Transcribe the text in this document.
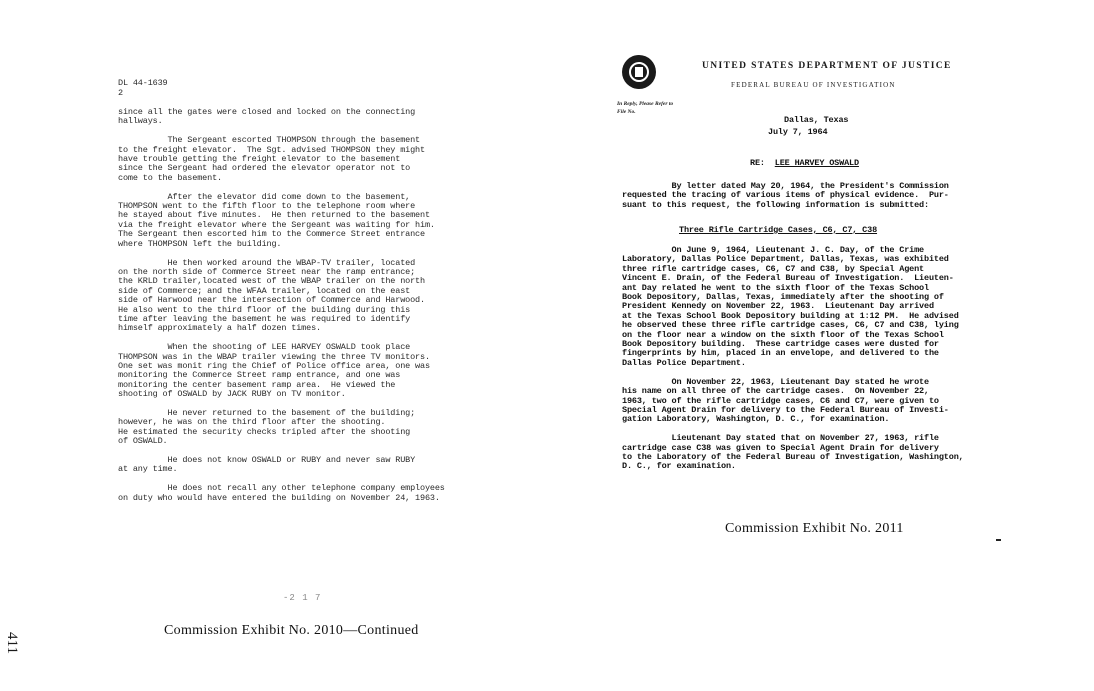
DL 44-1639
2
since all the gates were closed and locked on the connecting
hallways.

The Sergeant escorted THOMPSON through the basement
to the freight elevator.  The Sgt. advised THOMPSON they might
have trouble getting the freight elevator to the basement
since the Sergeant had ordered the elevator operator not to
come to the basement.

After the elevator did come down to the basement,
THOMPSON went to the fifth floor to the telephone room where
he stayed about five minutes.  He then returned to the basement
via the freight elevator where the Sergeant was waiting for him.
The Sergeant then escorted him to the Commerce Street entrance
where THOMPSON left the building.

He then worked around the WBAP-TV trailer, located
on the north side of Commerce Street near the ramp entrance;
the KRLD trailer,located west of the WBAP trailer on the north
side of Commerce; and the WFAA trailer, located on the east
side of Harwood near the intersection of Commerce and Harwood.
He also went to the third floor of the building during this
time after leaving the basement he was required to identify
himself approximately a half dozen times.

When the shooting of LEE HARVEY OSWALD took place
THOMPSON was in the WBAP trailer viewing the three TV monitors.
One set was monit ring the Chief of Police office area, one was
monitoring the Commerce Street ramp entrance, and one was
monitoring the center basement ramp area.  He viewed the
shooting of OSWALD by JACK RUBY on TV monitor.

He never returned to the basement of the building;
however, he was on the third floor after the shooting.
He estimated the security checks tripled after the shooting
of OSWALD.

He does not know OSWALD or RUBY and never saw RUBY
at any time.

He does not recall any other telephone company employees
on duty who would have entered the building on November 24, 1963.
-2 1 7
Commission Exhibit No. 2010—Continued
411
UNITED STATES DEPARTMENT OF JUSTICE
FEDERAL BUREAU OF INVESTIGATION
In Reply, Please Refer to
File No.
Dallas, Texas
July 7, 1964
RE: LEE HARVEY OSWALD
By letter dated May 20, 1964, the President's Commission
requested the tracing of various items of physical evidence.  Pur-
suant to this request, the following information is submitted:
Three Rifle Cartridge Cases, C6, C7, C38
On June 9, 1964, Lieutenant J. C. Day, of the Crime
Laboratory, Dallas Police Department, Dallas, Texas, was exhibited
three rifle cartridge cases, C6, C7 and C38, by Special Agent
Vincent E. Drain, of the Federal Bureau of Investigation.  Lieuten-
ant Day related he went to the sixth floor of the Texas School
Book Depository, Dallas, Texas, immediately after the shooting of
President Kennedy on November 22, 1963.  Lieutenant Day arrived
at the Texas School Book Depository building at 1:12 PM.  He advised
he observed these three rifle cartridge cases, C6, C7 and C38, lying
on the floor near a window on the sixth floor of the Texas School
Book Depository building.  These cartridge cases were dusted for
fingerprints by him, placed in an envelope, and delivered to the
Dallas Police Department.

On November 22, 1963, Lieutenant Day stated he wrote
his name on all three of the cartridge cases.  On November 22,
1963, two of the rifle cartridge cases, C6 and C7, were given to
Special Agent Drain for delivery to the Federal Bureau of Investi-
gation Laboratory, Washington, D. C., for examination.

Lieutenant Day stated that on November 27, 1963, rifle
cartridge case C38 was given to Special Agent Drain for delivery
to the Laboratory of the Federal Bureau of Investigation, Washington,
D. C., for examination.
Commission Exhibit No. 2011
